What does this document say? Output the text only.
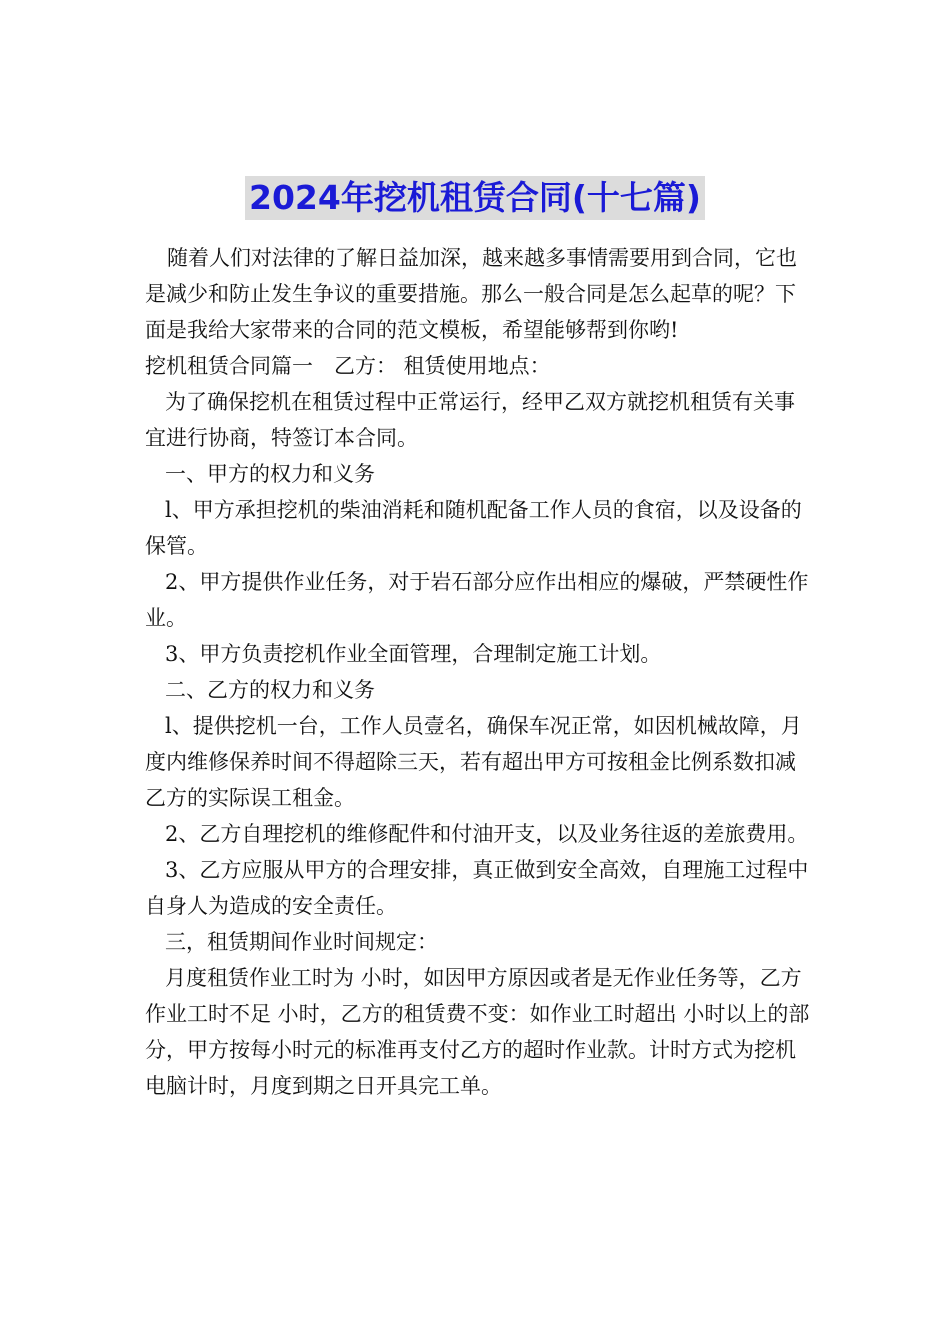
2024年挖机租赁合同(十七篇)

随着人们对法律的了解日益加深，越来越多事情需要用到合同，它也是减少和防止发生争议的重要措施。那么一般合同是怎么起草的呢？下面是我给大家带来的合同的范文模板，希望能够帮到你哟!

挖机租赁合同篇一　乙方： 租赁使用地点：

为了确保挖机在租赁过程中正常运行，经甲乙双方就挖机租赁有关事宜进行协商，特签订本合同。

一、甲方的权力和义务

l、甲方承担挖机的柴油消耗和随机配备工作人员的食宿，以及设备的保管。

2、甲方提供作业任务，对于岩石部分应作出相应的爆破，严禁硬性作业。

3、甲方负责挖机作业全面管理，合理制定施工计划。

二、乙方的权力和义务

l、提供挖机一台，工作人员壹名，确保车况正常，如因机械故障，月度内维修保养时间不得超除三天，若有超出甲方可按租金比例系数扣减乙方的实际误工租金。

2、乙方自理挖机的维修配件和付油开支，以及业务往返的差旅费用。

3、乙方应服从甲方的合理安排，真正做到安全高效，自理施工过程中自身人为造成的安全责任。

三，租赁期间作业时间规定：

月度租赁作业工时为 小时，如因甲方原因或者是无作业任务等，乙方作业工时不足 小时，乙方的租赁费不变：如作业工时超出 小时以上的部分，甲方按每小时元的标准再支付乙方的超时作业款。计时方式为挖机电脑计时，月度到期之日开具完工单。
